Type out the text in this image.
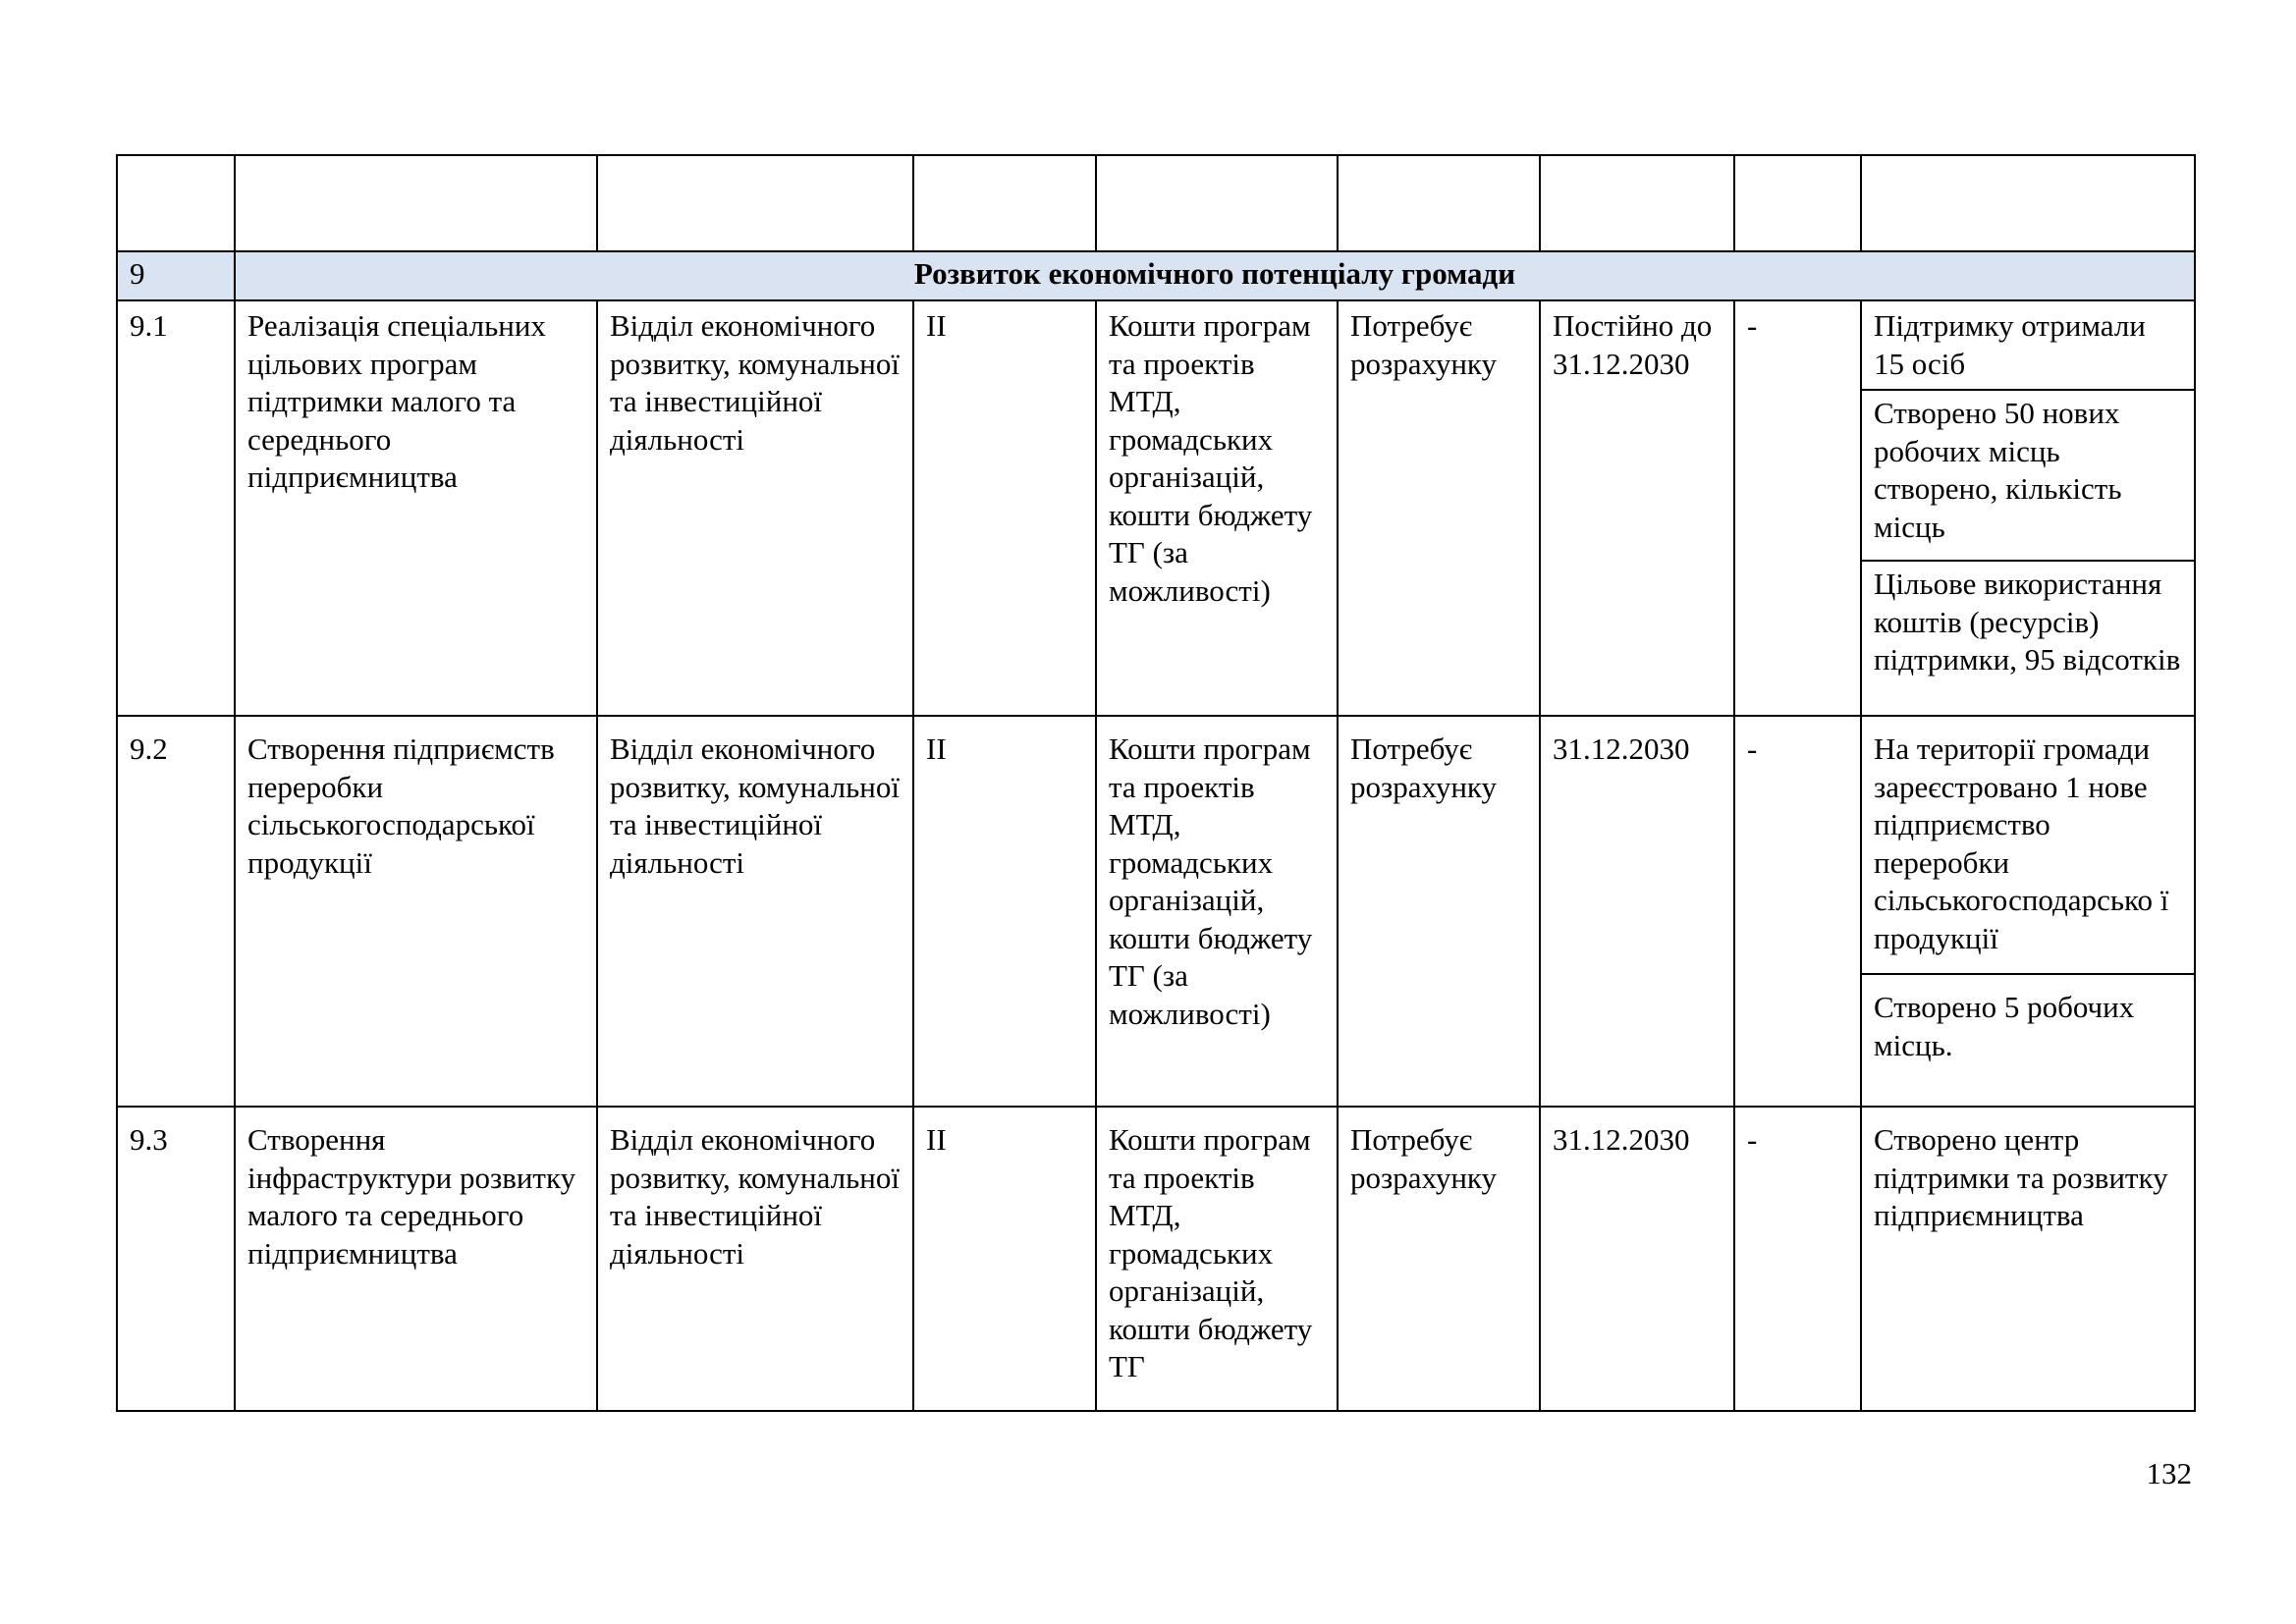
9	Розвиток економічного потенціалу громади							
9.1	Реалізація спеціальних цільових програм підтримки малого та середнього підприємництва	Відділ економічного розвитку, комунальної та інвестиційної діяльності	ІІ	Кошти програм та проектів МТД, громадських організацій, кошти бюджету ТГ (за можливості)	Потребує розрахунку	Постійно до 31.12.2030	-	Підтримку отримали 15 осіб
								Створено 50 нових робочих місць створено, кількість місць
								Цільове використання коштів (ресурсів) підтримки, 95 відсотків
9.2	Створення підприємств переробки сільськогосподарської продукції	Відділ економічного розвитку, комунальної та інвестиційної діяльності	ІІ	Кошти програм та проектів МТД, громадських організацій, кошти бюджету ТГ (за можливості)	Потребує розрахунку	31.12.2030	-	На території громади зареєстровано 1 нове підприємство переробки сільськогосподарсько ї продукції
								Створено 5 робочих місць.
9.3	Створення інфраструктури розвитку малого та середнього підприємництва	Відділ економічного розвитку, комунальної та інвестиційної діяльності	ІІ	Кошти програм та проектів МТД, громадських організацій, кошти бюджету ТГ	Потребує розрахунку	31.12.2030	-	Створено центр підтримки та розвитку підприємництва
132
